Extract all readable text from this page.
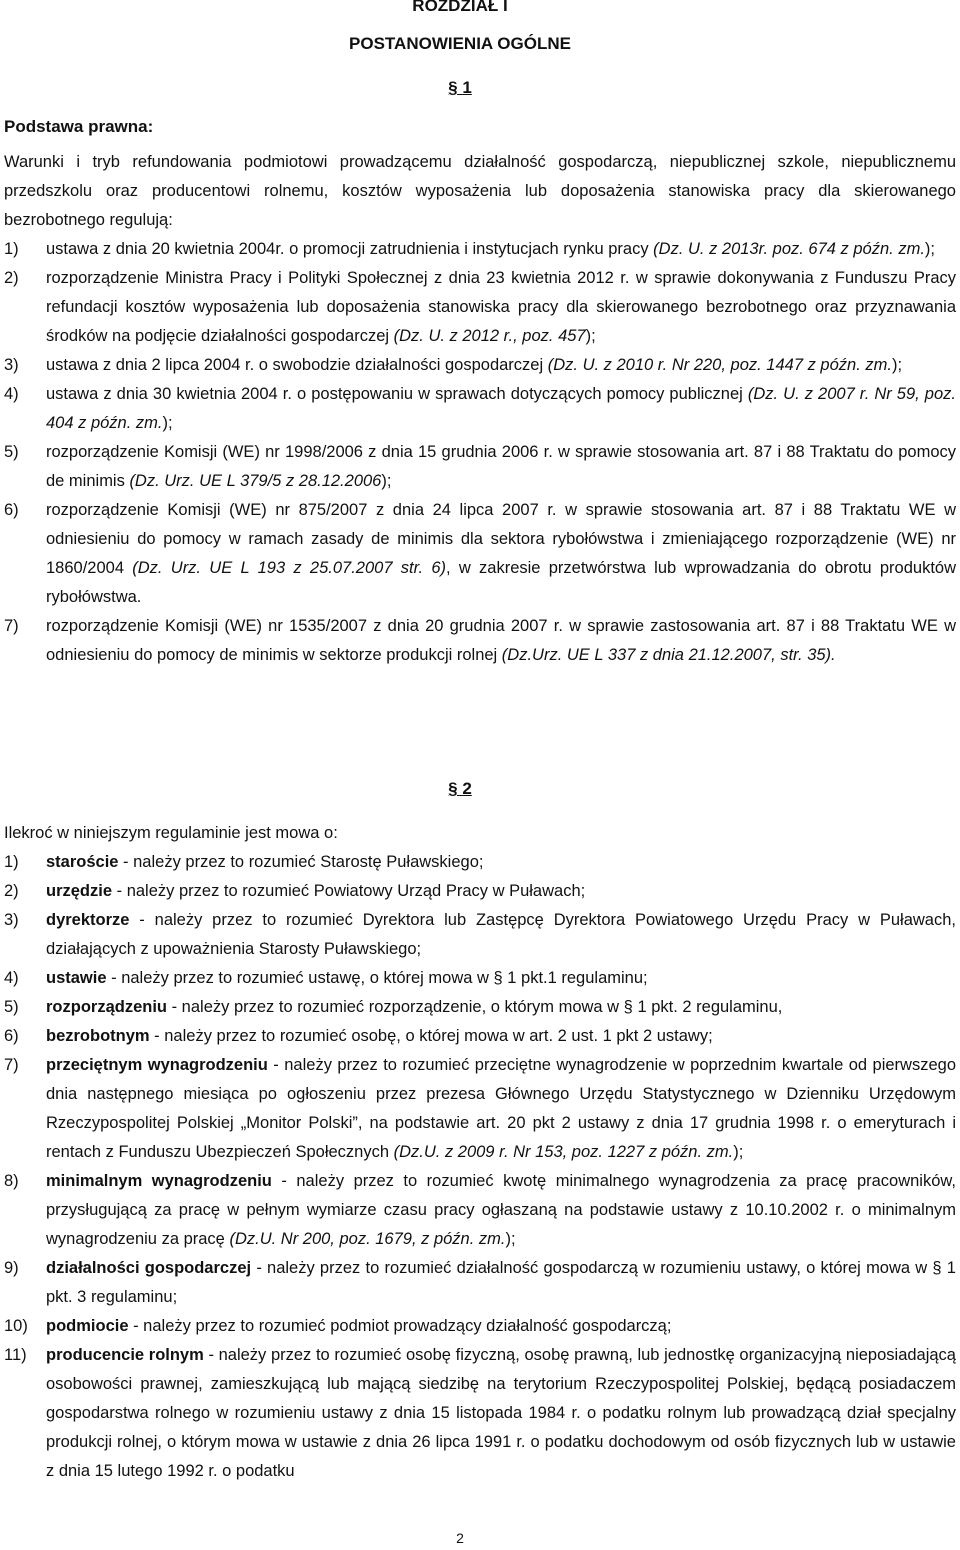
ROZDZIAŁ I
POSTANOWIENIA OGÓLNE
§ 1
Podstawa prawna:
Warunki i tryb refundowania podmiotowi prowadzącemu działalność gospodarczą, niepublicznej szkole, niepublicznemu przedszkolu oraz producentowi rolnemu, kosztów wyposażenia lub doposażenia stanowiska pracy dla skierowanego bezrobotnego regulują:
1) ustawa z dnia 20 kwietnia 2004r. o promocji zatrudnienia i instytucjach rynku pracy (Dz. U. z 2013r. poz. 674 z późn. zm.);
2) rozporządzenie Ministra Pracy i Polityki Społecznej z dnia 23 kwietnia 2012 r. w sprawie dokonywania z Funduszu Pracy refundacji kosztów wyposażenia lub doposażenia stanowiska pracy dla skierowanego bezrobotnego oraz przyznawania środków na podjęcie działalności gospodarczej (Dz. U. z 2012 r., poz. 457);
3) ustawa z dnia 2 lipca 2004 r. o swobodzie działalności gospodarczej (Dz. U. z 2010 r. Nr 220, poz. 1447 z późn. zm.);
4) ustawa z dnia 30 kwietnia 2004 r. o postępowaniu w sprawach dotyczących pomocy publicznej (Dz. U. z 2007 r. Nr 59, poz. 404 z późn. zm.);
5) rozporządzenie Komisji (WE) nr 1998/2006 z dnia 15 grudnia 2006 r. w sprawie stosowania art. 87 i 88 Traktatu do pomocy de minimis (Dz. Urz. UE L 379/5 z 28.12.2006);
6) rozporządzenie Komisji (WE) nr 875/2007 z dnia 24 lipca 2007 r. w sprawie stosowania art. 87 i 88 Traktatu WE w odniesieniu do pomocy w ramach zasady de minimis dla sektora rybołówstwa i zmieniającego rozporządzenie (WE) nr 1860/2004 (Dz. Urz. UE L 193 z 25.07.2007 str. 6), w zakresie przetwórstwa lub wprowadzania do obrotu produktów rybołówstwa.
7) rozporządzenie Komisji (WE) nr 1535/2007 z dnia 20 grudnia 2007 r. w sprawie zastosowania art. 87 i 88 Traktatu WE w odniesieniu do pomocy de minimis w sektorze produkcji rolnej (Dz.Urz. UE L 337 z dnia 21.12.2007, str. 35).
§ 2
Ilekroć w niniejszym regulaminie jest mowa o:
1) staroście - należy przez to rozumieć Starostę Puławskiego;
2) urzędzie - należy przez to rozumieć Powiatowy Urząd Pracy w Puławach;
3) dyrektorze - należy przez to rozumieć Dyrektora lub Zastępcę Dyrektora Powiatowego Urzędu Pracy w Puławach, działających z upoważnienia Starosty Puławskiego;
4) ustawie - należy przez to rozumieć ustawę, o której mowa w § 1 pkt.1 regulaminu;
5) rozporządzeniu - należy przez to rozumieć rozporządzenie, o którym mowa w § 1 pkt. 2 regulaminu,
6) bezrobotnym - należy przez to rozumieć osobę, o której mowa w art. 2 ust. 1 pkt 2 ustawy;
7) przeciętnym wynagrodzeniu - należy przez to rozumieć przeciętne wynagrodzenie w poprzednim kwartale od pierwszego dnia następnego miesiąca po ogłoszeniu przez prezesa Głównego Urzędu Statystycznego w Dzienniku Urzędowym Rzeczypospolitej Polskiej „Monitor Polski”, na podstawie art. 20 pkt 2 ustawy z dnia 17 grudnia 1998 r. o emeryturach i rentach z Funduszu Ubezpieczeń Społecznych (Dz.U. z 2009 r. Nr 153, poz. 1227 z późn. zm.);
8) minimalnym wynagrodzeniu - należy przez to rozumieć kwotę minimalnego wynagrodzenia za pracę pracowników, przysługującą za pracę w pełnym wymiarze czasu pracy ogłaszaną na podstawie ustawy z 10.10.2002 r. o minimalnym wynagrodzeniu za pracę (Dz.U. Nr 200, poz. 1679, z późn. zm.);
9) działalności gospodarczej - należy przez to rozumieć działalność gospodarczą w rozumieniu ustawy, o której mowa w § 1 pkt. 3 regulaminu;
10) podmiocie - należy przez to rozumieć podmiot prowadzący działalność gospodarczą;
11) producencie rolnym - należy przez to rozumieć osobę fizyczną, osobę prawną, lub jednostkę organizacyjną nieposiadającą osobowości prawnej, zamieszkującą lub mającą siedzibę na terytorium Rzeczypospolitej Polskiej, będącą posiadaczem gospodarstwa rolnego w rozumieniu ustawy z dnia 15 listopada 1984 r. o podatku rolnym lub prowadzącą dział specjalny produkcji rolnej, o którym mowa w ustawie z dnia 26 lipca 1991 r. o podatku dochodowym od osób fizycznych lub w ustawie z dnia 15 lutego 1992 r. o podatku
2
